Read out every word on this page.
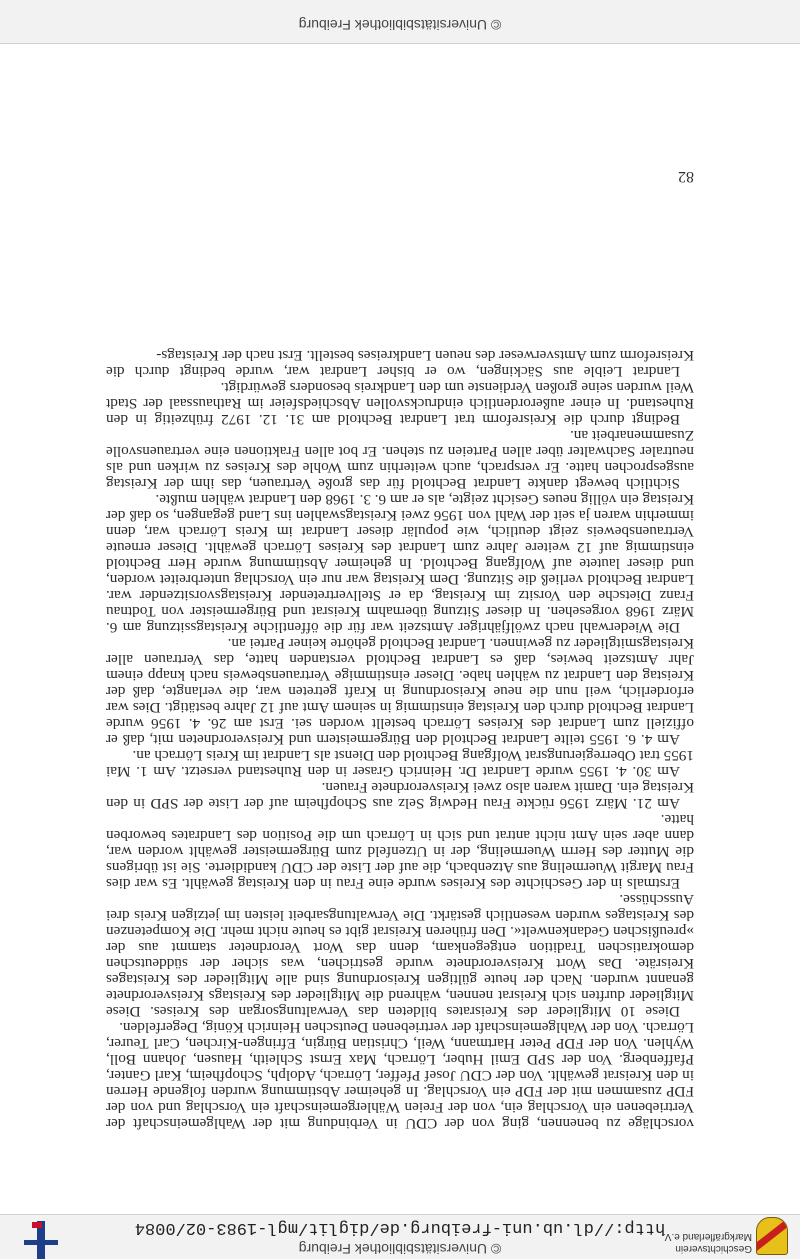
Geschichtsverein
Markgräflerland e.V.
© Universitätsbibliothek Freiburg
http://dl.ub.uni-freiburg.de/diglit/mgl-1983-02/0084

vorschläge zu benennen, ging von der CDU in Verbindung mit der Wahlgemeinschaft der Vertriebenen ein Vorschlag ein, von der Freien Wählergemeinschaft ein Vorschlag und von der FDP zusammen mit der FDP ein Vorschlag. In geheimer Abstimmung wurden folgende Herren in den Kreisrat gewählt. Von der CDU Josef Pfeffer, Lörrach, Adolph, Schopfheim, Karl Ganter, Pfaffenberg. Von der SPD Emil Huber, Lörrach, Max Ernst Schleith, Hausen, Johann Boll, Wyhlen. Von der FDP Peter Hartmann, Weil, Christian Bürgin, Efringen-Kirchen, Carl Teurer, Lörrach. Von der Wahlgemeinschaft der vertriebenen Deutschen Heinrich König, Degerfelden.

Diese 10 Mitglieder des Kreisrates bildeten das Verwaltungsorgan des Kreises. Diese Mitglieder durften sich Kreisrat nennen, während die Mitglieder des Kreistags Kreisverordnete genannt wurden. Nach der heute gültigen Kreisordnung sind alle Mitglieder des Kreistages Kreisräte. Das Wort Kreisverordnete wurde gestrichen, was sicher der süddeutschen demokratischen Tradition entgegenkam, denn das Wort Verordneter stammt aus der »preußischen Gedankenwelt«. Den früheren Kreisrat gibt es heute nicht mehr. Die Kompetenzen des Kreistages wurden wesentlich gestärkt. Die Verwaltungsarbeit leisten im jetzigen Kreis drei Ausschüsse.

Erstmals in der Geschichte des Kreises wurde eine Frau in den Kreistag gewählt. Es war dies Frau Margit Wuermeling aus Atzenbach, die auf der Liste der CDU kandidierte. Sie ist übrigens die Mutter des Herrn Wuermeling, der in Utzenfeld zum Bürgermeister gewählt worden war, dann aber sein Amt nicht antrat und sich in Lörrach um die Position des Landrates beworben hatte.

Am 21. März 1956 rückte Frau Hedwig Selz aus Schopfheim auf der Liste der SPD in den Kreistag ein. Damit waren also zwei Kreisverordnete Frauen.

Am 30. 4. 1955 wurde Landrat Dr. Heinrich Graser in den Ruhestand versetzt. Am 1. Mai 1955 trat Oberregierungsrat Wolfgang Bechtold den Dienst als Landrat im Kreis Lörrach an.

Am 4. 6. 1955 teilte Landrat Bechtold den Bürgermeistern und Kreisverordneten mit, daß er offiziell zum Landrat des Kreises Lörrach bestellt worden sei. Erst am 26. 4. 1956 wurde Landrat Bechtold durch den Kreistag einstimmig in seinem Amt auf 12 Jahre bestätigt. Dies war erforderlich, weil nun die neue Kreisordnung in Kraft getreten war, die verlangte, daß der Kreistag den Landrat zu wählen habe. Dieser einstimmige Vertrauensbeweis nach knapp einem Jahr Amtszeit bewies, daß es Landrat Bechtold verstanden hatte, das Vertrauen aller Kreistagsmitglieder zu gewinnen. Landrat Bechtold gehörte keiner Partei an.

Die Wiederwahl nach zwölfjähriger Amtszeit war für die öffentliche Kreistagssitzung am 6. März 1968 vorgesehen. In dieser Sitzung übernahm Kreisrat und Bürgermeister von Todtnau Franz Dietsche den Vorsitz im Kreistag, da er Stellvertretender Kreistagsvorsitzender war. Landrat Bechtold verließ die Sitzung. Dem Kreistag war nur ein Vorschlag unterbreitet worden, und dieser lautete auf Wolfgang Bechtold. In geheimer Abstimmung wurde Herr Bechtold einstimmig auf 12 weitere Jahre zum Landrat des Kreises Lörrach gewählt. Dieser erneute Vertrauensbeweis zeigt deutlich, wie populär dieser Landrat im Kreis Lörrach war, denn immerhin waren ja seit der Wahl von 1956 zwei Kreistagswahlen ins Land gegangen, so daß der Kreistag ein völlig neues Gesicht zeigte, als er am 6. 3. 1968 den Landrat wählen mußte.

Sichtlich bewegt dankte Landrat Bechtold für das große Vertrauen, das ihm der Kreistag ausgesprochen hatte. Er versprach, auch weiterhin zum Wohle des Kreises zu wirken und als neutraler Sachwalter über allen Parteien zu stehen. Er bot allen Fraktionen eine vertrauensvolle Zusammenarbeit an.

Bedingt durch die Kreisreform trat Landrat Bechtold am 31. 12. 1972 frühzeitig in den Ruhestand. In einer außerordentlich eindrucksvollen Abschiedsfeier im Rathaussaal der Stadt Weil wurden seine großen Verdienste um den Landkreis besonders gewürdigt.

Landrat Leible aus Säckingen, wo er bisher Landrat war, wurde bedingt durch die Kreisreform zum Amtsverweser des neuen Landkreises bestellt. Erst nach der Kreistags-

82
© Universitätsbibliothek Freiburg
